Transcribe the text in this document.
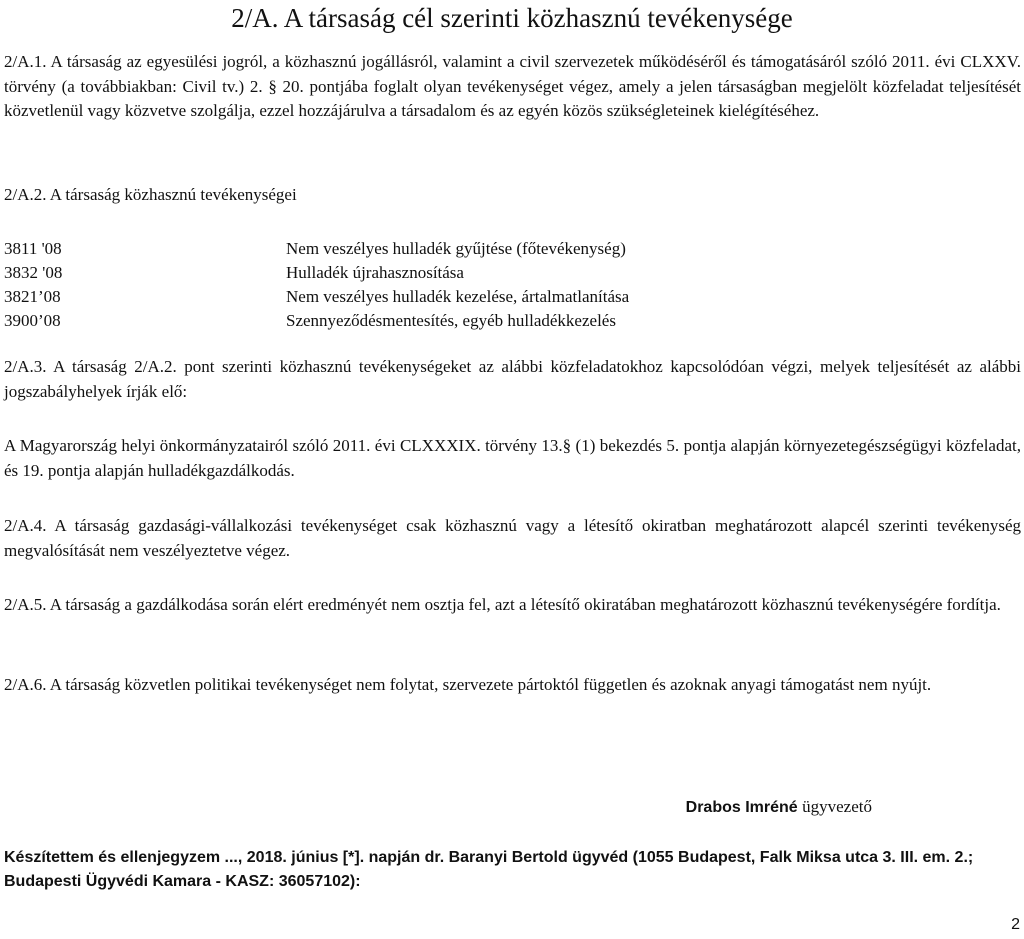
2/A. A társaság cél szerinti közhasznú tevékenysége

2/A.1. A társaság az egyesülési jogról, a közhasznú jogállásról, valamint a civil szervezetek működéséről és támogatásáról szóló 2011. évi CLXXV. törvény (a továbbiakban: Civil tv.) 2. § 20. pontjába foglalt olyan tevékenységet végez, amely a jelen társaságban megjelölt közfeladat teljesítését közvetlenül vagy közvetve szolgálja, ezzel hozzájárulva a társadalom és az egyén közös szükségleteinek kielégítéséhez.

2/A.2. A társaság közhasznú tevékenységei

3811 '08	Nem veszélyes hulladék gyűjtése (főtevékenység)
3832 '08	Hulladék újrahasznosítása
3821’08	Nem veszélyes hulladék kezelése, ártalmatlanítása
3900’08	Szennyeződésmentesítés, egyéb hulladékkezelés

2/A.3. A társaság 2/A.2. pont szerinti közhasznú tevékenységeket az alábbi közfeladatokhoz kapcsolódóan végzi, melyek teljesítését az alábbi jogszabályhelyek írják elő:

A Magyarország helyi önkormányzatairól szóló 2011. évi CLXXXIX. törvény 13.§ (1) bekezdés 5. pontja alapján környezetegészségügyi közfeladat, és 19. pontja alapján hulladékgazdálkodás.

2/A.4. A társaság gazdasági-vállalkozási tevékenységet csak közhasznú vagy a létesítő okiratban meghatározott alapcél szerinti tevékenység megvalósítását nem veszélyeztetve végez.

2/A.5. A társaság a gazdálkodása során elért eredményét nem osztja fel, azt a létesítő okiratában meghatározott közhasznú tevékenységére fordítja.

2/A.6. A társaság közvetlen politikai tevékenységet nem folytat, szervezete pártoktól független és azoknak anyagi támogatást nem nyújt.

Drabos Imréné ügyvezető

Készítettem és ellenjegyzem ..., 2018. június [*]. napján dr. Baranyi Bertold ügyvéd (1055 Budapest, Falk Miksa utca 3. III. em. 2.; Budapesti Ügyvédi Kamara - KASZ: 36057102):

2
